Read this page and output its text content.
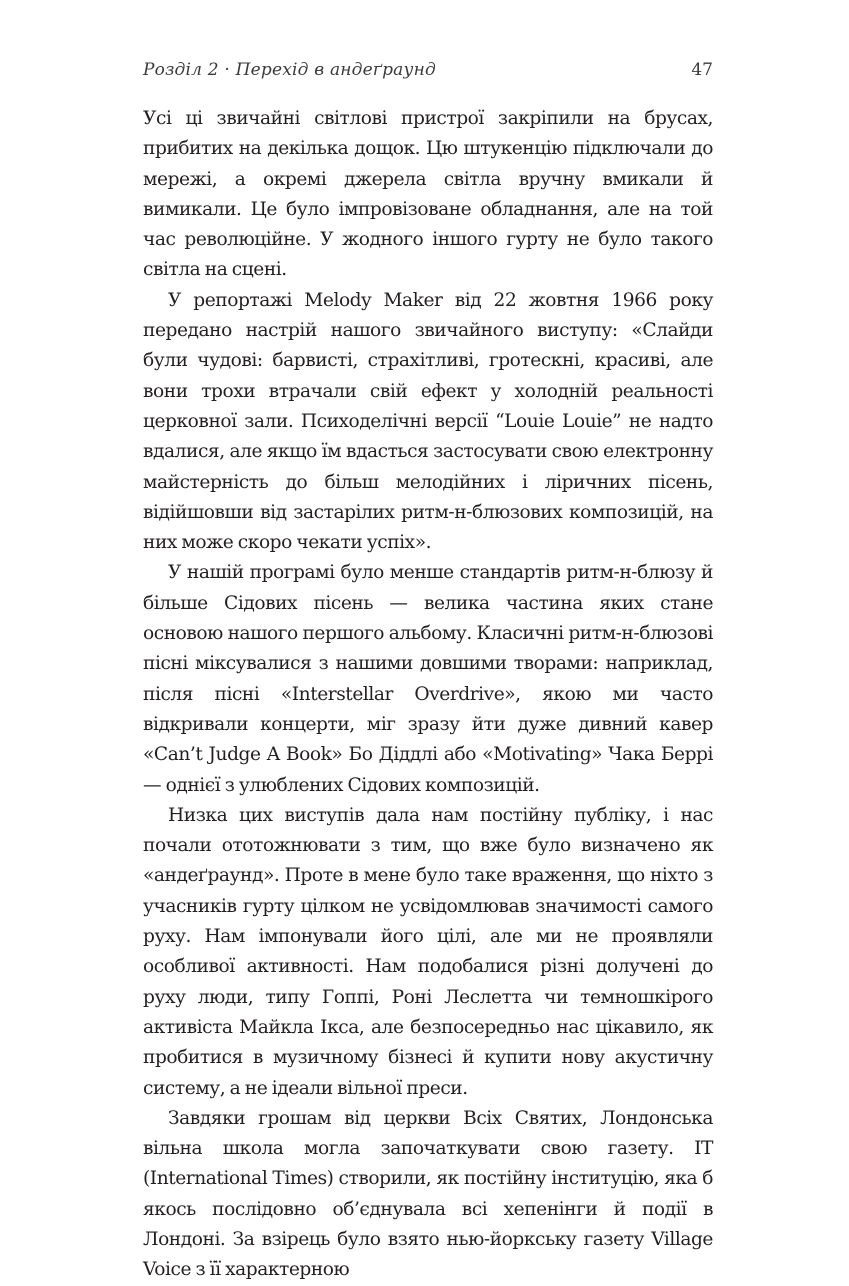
Розділ 2 · Перехід в андеґраунд	47

Усі ці звичайні світлові пристрої закріпили на брусах, прибитих на декілька дощок. Цю штукенцію підключали до мережі, а окремі джерела світла вручну вмикали й вимикали. Це було імпровізоване обладнання, але на той час революційне. У жодного іншого гурту не було такого світла на сцені.

У репортажі Melody Maker від 22 жовтня 1966 року передано настрій нашого звичайного виступу: «Слайди були чудові: барвисті, страхітливі, гротескні, красиві, але вони трохи втрачали свій ефект у холодній реальності церковної зали. Психоделічні версії “Louie Louie” не надто вдалися, але якщо їм вдасться застосувати свою електронну майстерність до більш мелодійних і ліричних пісень, відійшовши від застарілих ритм-н-блюзових композицій, на них може скоро чекати успіх».

У нашій програмі було менше стандартів ритм-н-блюзу й більше Сідових пісень — велика частина яких стане основою нашого першого альбому. Класичні ритм-н-блюзові пісні міксувалися з нашими довшими творами: наприклад, після пісні «Interstellar Overdrive», якою ми часто відкривали концерти, міг зразу йти дуже дивний кавер «Can’t Judge A Book» Бо Діддлі або «Motivating» Чака Беррі — однієї з улюблених Сідових композицій.

Низка цих виступів дала нам постійну публіку, і нас почали ототожнювати з тим, що вже було визначено як «андеґраунд». Проте в мене було таке враження, що ніхто з учасників гурту цілком не усвідомлював значимості самого руху. Нам імпонували його цілі, але ми не проявляли особливої активності. Нам подобалися різні долучені до руху люди, типу Гоппі, Роні Леслетта чи темношкірого активіста Майкла Ікса, але безпосередньо нас цікавило, як пробитися в музичному бізнесі й купити нову акустичну систему, а не ідеали вільної преси.

Завдяки грошам від церкви Всіх Святих, Лондонська вільна школа могла започаткувати свою газету. IT (International Times) створили, як постійну інституцію, яка б якось послідовно об’єднувала всі хепенінги й події в Лондоні. За взірець було взято нью-йоркську газету Village Voice з її характерною
